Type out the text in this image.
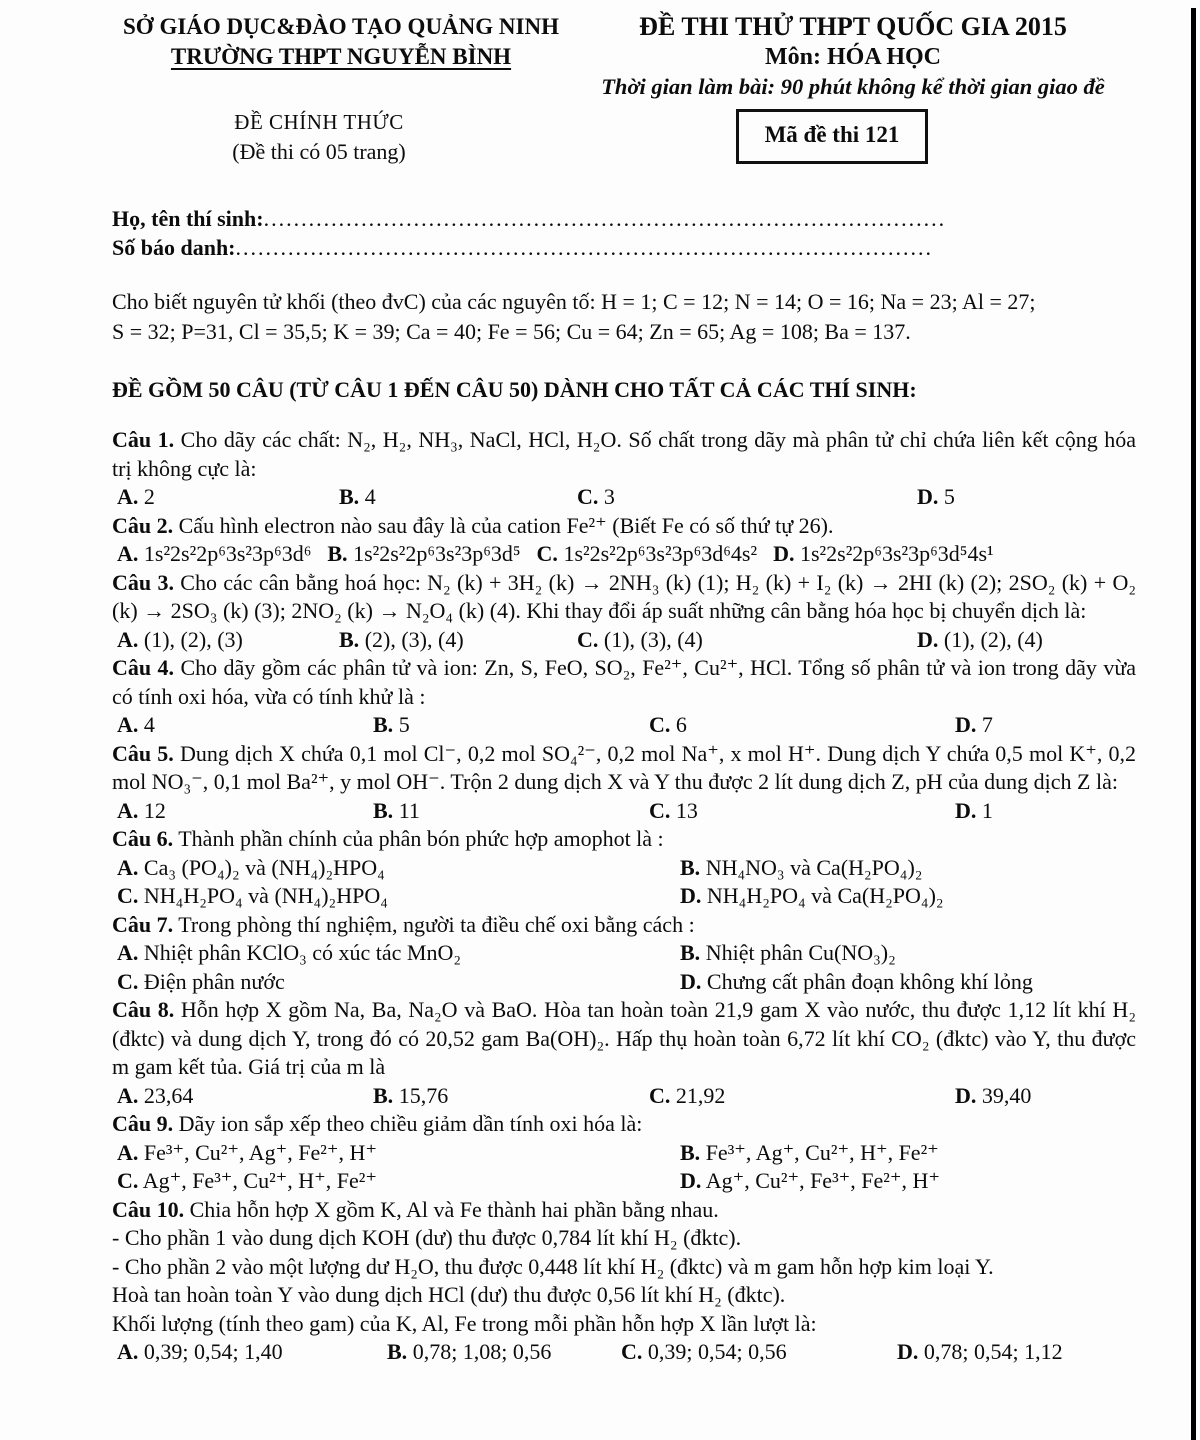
SỞ GIÁO DỤC&ĐÀO TẠO QUẢNG NINH
TRƯỜNG THPT NGUYỄN BÌNH
ĐỀ THI THỬ THPT QUỐC GIA 2015
Môn: HÓA HỌC
Thời gian làm bài: 90 phút không kể thời gian giao đề
ĐỀ CHÍNH THỨC
(Đề thi có 05 trang)
Mã đề thi 121
Họ, tên thí sinh: ...........................................................................................
Số báo danh: .............................................................................................

Cho biết nguyên tử khối (theo đvC) của các nguyên tố: H = 1; C = 12; N = 14; O = 16; Na = 23; Al = 27;
S = 32; P=31, Cl = 35,5; K = 39; Ca = 40; Fe = 56; Cu = 64; Zn = 65; Ag = 108; Ba = 137.

ĐỀ GỒM 50 CÂU (TỪ CÂU 1 ĐẾN CÂU 50) DÀNH CHO TẤT CẢ CÁC THÍ SINH:

Câu 1. Cho dãy các chất: N₂, H₂, NH₃, NaCl, HCl, H₂O. Số chất trong dãy mà phân tử chỉ chứa liên kết cộng hóa trị không cực là:

A. 2	B. 4	C. 3	D. 5

Câu 2. Cấu hình electron nào sau đây là của cation Fe²⁺ (Biết Fe có số thứ tự 26).

A. 1s²2s²2p⁶3s²3p⁶3d⁶ B. 1s²2s²2p⁶3s²3p⁶3d⁵ C. 1s²2s²2p⁶3s²3p⁶3d⁶4s² D. 1s²2s²2p⁶3s²3p⁶3d⁵4s¹

Câu 3. Cho các cân bằng hoá học: N₂ (k) + 3H₂ (k) → 2NH₃ (k) (1); H₂ (k) + I₂ (k) → 2HI (k) (2); 2SO₂ (k) + O₂ (k) → 2SO₃ (k) (3); 2NO₂ (k) → N₂O₄ (k) (4). Khi thay đổi áp suất những cân bằng hóa học bị chuyển dịch là:

A. (1), (2), (3)	B. (2), (3), (4)	C. (1), (3), (4)	D. (1), (2), (4)

Câu 4. Cho dãy gồm các phân tử và ion: Zn, S, FeO, SO₂, Fe²⁺, Cu²⁺, HCl. Tổng số phân tử và ion trong dãy vừa có tính oxi hóa, vừa có tính khử là :

A. 4	B. 5	C. 6	D. 7

Câu 5. Dung dịch X chứa 0,1 mol Cl⁻, 0,2 mol SO₄²⁻, 0,2 mol Na⁺, x mol H⁺. Dung dịch Y chứa 0,5 mol K⁺, 0,2 mol NO₃⁻, 0,1 mol Ba²⁺, y mol OH⁻. Trộn 2 dung dịch X và Y thu được 2 lít dung dịch Z, pH của dung dịch Z là:

A. 12	B. 11	C. 13	D. 1

Câu 6. Thành phần chính của phân bón phức hợp amophot là :

A. Ca₃ (PO₄)₂ và (NH₄)₂HPO₄	B. NH₄NO₃ và Ca(H₂PO₄)₂
C. NH₄H₂PO₄ và (NH₄)₂HPO₄	D. NH₄H₂PO₄ và Ca(H₂PO₄)₂

Câu 7. Trong phòng thí nghiệm, người ta điều chế oxi bằng cách :

A. Nhiệt phân KClO₃ có xúc tác MnO₂	B. Nhiệt phân Cu(NO₃)₂
C. Điện phân nước	D. Chưng cất phân đoạn không khí lỏng

Câu 8. Hỗn hợp X gồm Na, Ba, Na₂O và BaO. Hòa tan hoàn toàn 21,9 gam X vào nước, thu được 1,12 lít khí H₂ (đktc) và dung dịch Y, trong đó có 20,52 gam Ba(OH)₂. Hấp thụ hoàn toàn 6,72 lít khí CO₂ (đktc) vào Y, thu được m gam kết tủa. Giá trị của m là

A. 23,64	B. 15,76	C. 21,92	D. 39,40

Câu 9. Dãy ion sắp xếp theo chiều giảm dần tính oxi hóa là:

A. Fe³⁺, Cu²⁺, Ag⁺, Fe²⁺, H⁺	B. Fe³⁺, Ag⁺, Cu²⁺, H⁺, Fe²⁺
C. Ag⁺, Fe³⁺, Cu²⁺, H⁺, Fe²⁺	D. Ag⁺, Cu²⁺, Fe³⁺, Fe²⁺, H⁺

Câu 10. Chia hỗn hợp X gồm K, Al và Fe thành hai phần bằng nhau.

- Cho phần 1 vào dung dịch KOH (dư) thu được 0,784 lít khí H₂ (đktc).

- Cho phần 2 vào một lượng dư H₂O, thu được 0,448 lít khí H₂ (đktc) và m gam hỗn hợp kim loại Y.

Hoà tan hoàn toàn Y vào dung dịch HCl (dư) thu được 0,56 lít khí H₂ (đktc).

Khối lượng (tính theo gam) của K, Al, Fe trong mỗi phần hỗn hợp X lần lượt là:

A. 0,39; 0,54; 1,40	B. 0,78; 1,08; 0,56	C. 0,39; 0,54; 0,56	D. 0,78; 0,54; 1,12
